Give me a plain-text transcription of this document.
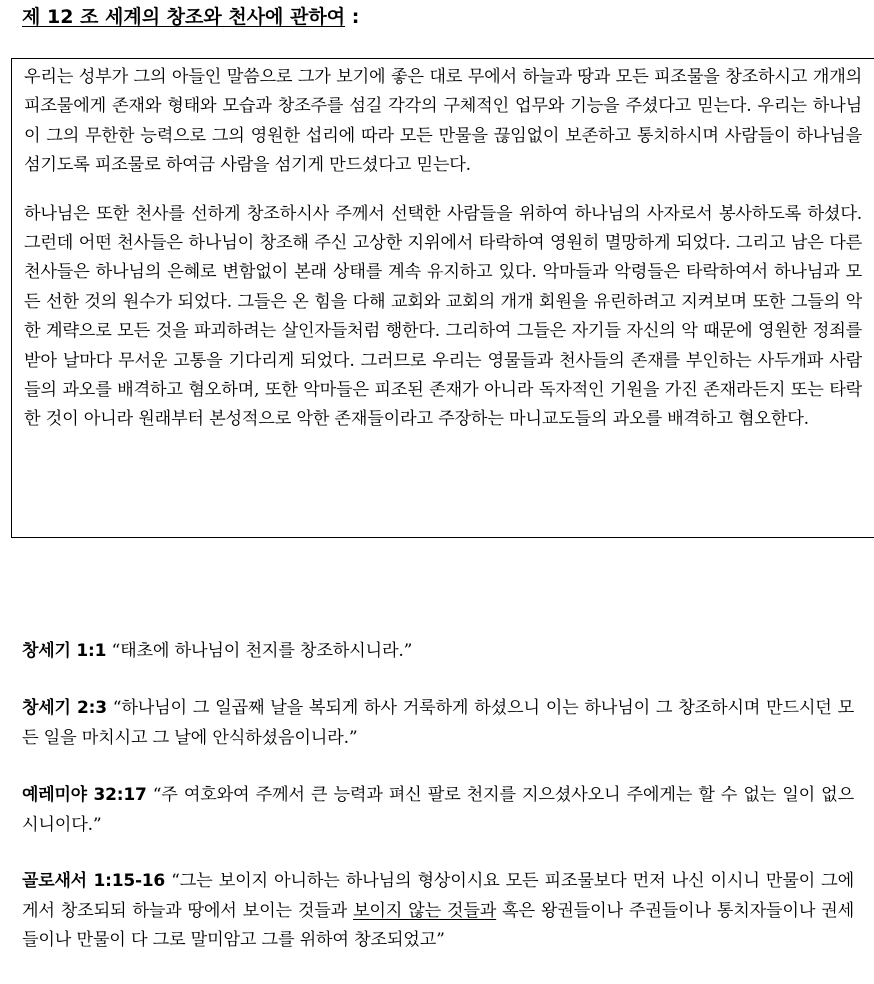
제 12 조 세계의 창조와 천사에 관하여 :

우리는 성부가 그의 아들인 말씀으로 그가 보기에 좋은 대로 무에서 하늘과 땅과 모든 피조물을 창조하시고 개개의 피조물에게 존재와 형태와 모습과 창조주를 섬길 각각의 구체적인 업무와 기능을 주셨다고 믿는다. 우리는 하나님이 그의 무한한 능력으로 그의 영원한 섭리에 따라 모든 만물을 끊임없이 보존하고 통치하시며 사람들이 하나님을 섬기도록 피조물로 하여금 사람을 섬기게 만드셨다고 믿는다.

하나님은 또한 천사를 선하게 창조하시사 주께서 선택한 사람들을 위하여 하나님의 사자로서 봉사하도록 하셨다. 그런데 어떤 천사들은 하나님이 창조해 주신 고상한 지위에서 타락하여 영원히 멸망하게 되었다. 그리고 남은 다른 천사들은 하나님의 은혜로 변함없이 본래 상태를 계속 유지하고 있다. 악마들과 악령들은 타락하여서 하나님과 모든 선한 것의 원수가 되었다. 그들은 온 힘을 다해 교회와 교회의 개개 회원을 유린하려고 지켜보며 또한 그들의 악한 계략으로 모든 것을 파괴하려는 살인자들처럼 행한다. 그리하여 그들은 자기들 자신의 악 때문에 영원한 정죄를 받아 날마다 무서운 고통을 기다리게 되었다. 그러므로 우리는 영물들과 천사들의 존재를 부인하는 사두개파 사람들의 과오를 배격하고 혐오하며, 또한 악마들은 피조된 존재가 아니라 독자적인 기원을 가진 존재라든지 또는 타락한 것이 아니라 원래부터 본성적으로 악한 존재들이라고 주장하는 마니교도들의 과오를 배격하고 혐오한다.

창세기 1:1 “태초에 하나님이 천지를 창조하시니라.”

창세기 2:3 “하나님이 그 일곱째 날을 복되게 하사 거룩하게 하셨으니 이는 하나님이 그 창조하시며 만드시던 모든 일을 마치시고 그 날에 안식하셨음이니라.”

예레미야 32:17 “주 여호와여 주께서 큰 능력과 펴신 팔로 천지를 지으셨사오니 주에게는 할 수 없는 일이 없으시니이다.”

골로새서 1:15-16 “그는 보이지 아니하는 하나님의 형상이시요 모든 피조물보다 먼저 나신 이시니 만물이 그에게서 창조되되 하늘과 땅에서 보이는 것들과 보이지 않는 것들과 혹은 왕권들이나 주권들이나 통치자들이나 권세들이나 만물이 다 그로 말미암고 그를 위하여 창조되었고”
